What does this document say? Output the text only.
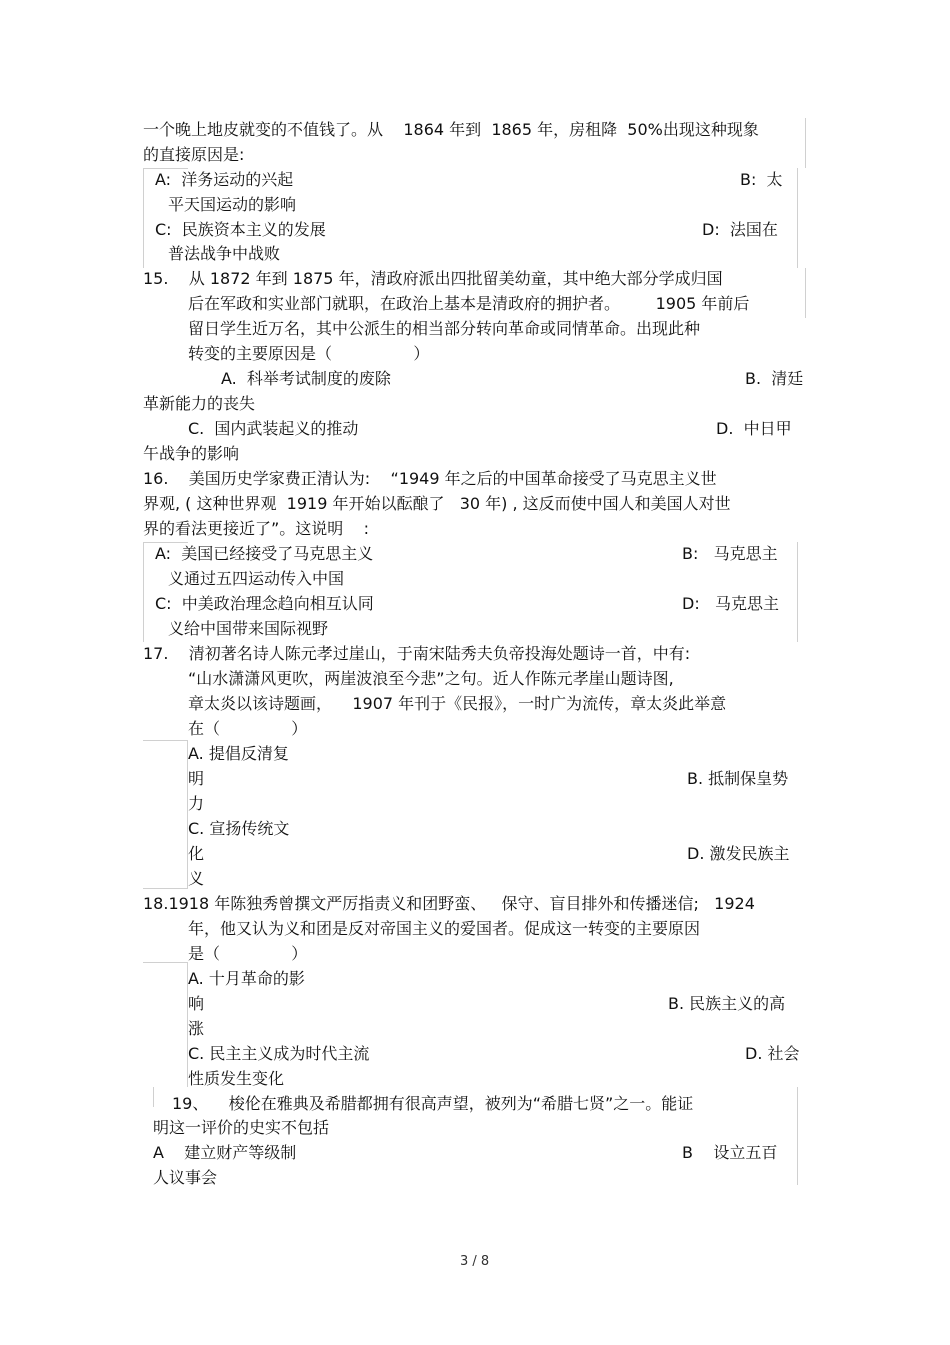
一个晚上地皮就变的不值钱了。从    1864 年到  1865 年，房租降  50%出现这种现象
的直接原因是:
A:  洋务运动的兴起	B:  太
平天国运动的影响
C:  民族资本主义的发展	D:  法国在
普法战争中战败
15.    从 1872 年到 1875 年，清政府派出四批留美幼童，其中绝大部分学成归国
后在军政和实业部门就职，在政治上基本是清政府的拥护者。       1905 年前后
留日学生近万名，其中公派生的相当部分转向革命或同情革命。出现此种
转变的主要原因是（                ）
A.  科举考试制度的废除	B.  清廷
革新能力的丧失
C.  国内武装起义的推动	D.  中日甲
午战争的影响
16.    美国历史学家费正清认为:    “1949 年之后的中国革命接受了马克思主义世
界观, ( 这种世界观  1919 年开始以酝酿了   30 年) , 这反而使中国人和美国人对世
界的看法更接近了”。这说明    :
A:  美国已经接受了马克思主义	B:   马克思主
义通过五四运动传入中国
C:  中美政治理念趋向相互认同	D:   马克思主
义给中国带来国际视野
17.    清初著名诗人陈元孝过崖山，于南宋陆秀夫负帝投海处题诗一首，中有:
“山水潇潇风更吹，两崖波浪至今悲”之句。近人作陈元孝崖山题诗图,
章太炎以该诗题画，    1907 年刊于《民报》，一时广为流传，章太炎此举意
在（              ）
A. 提倡反清复
明	B. 抵制保皇势
力
C. 宣扬传统文
化	D. 激发民族主
义
18.1918 年陈独秀曾撰文严厉指责义和团野蛮、   保守、盲目排外和传播迷信;   1924
年，他又认为义和团是反对帝国主义的爱国者。促成这一转变的主要原因
是（              ）
A. 十月革命的影
响	B. 民族主义的高
涨
C. 民主主义成为时代主流	D. 社会
性质发生变化
19、    梭伦在雅典及希腊都拥有很高声望，被列为“希腊七贤”之一。能证
明这一评价的史实不包括
A    建立财产等级制	B    设立五百
人议事会
3 / 8
